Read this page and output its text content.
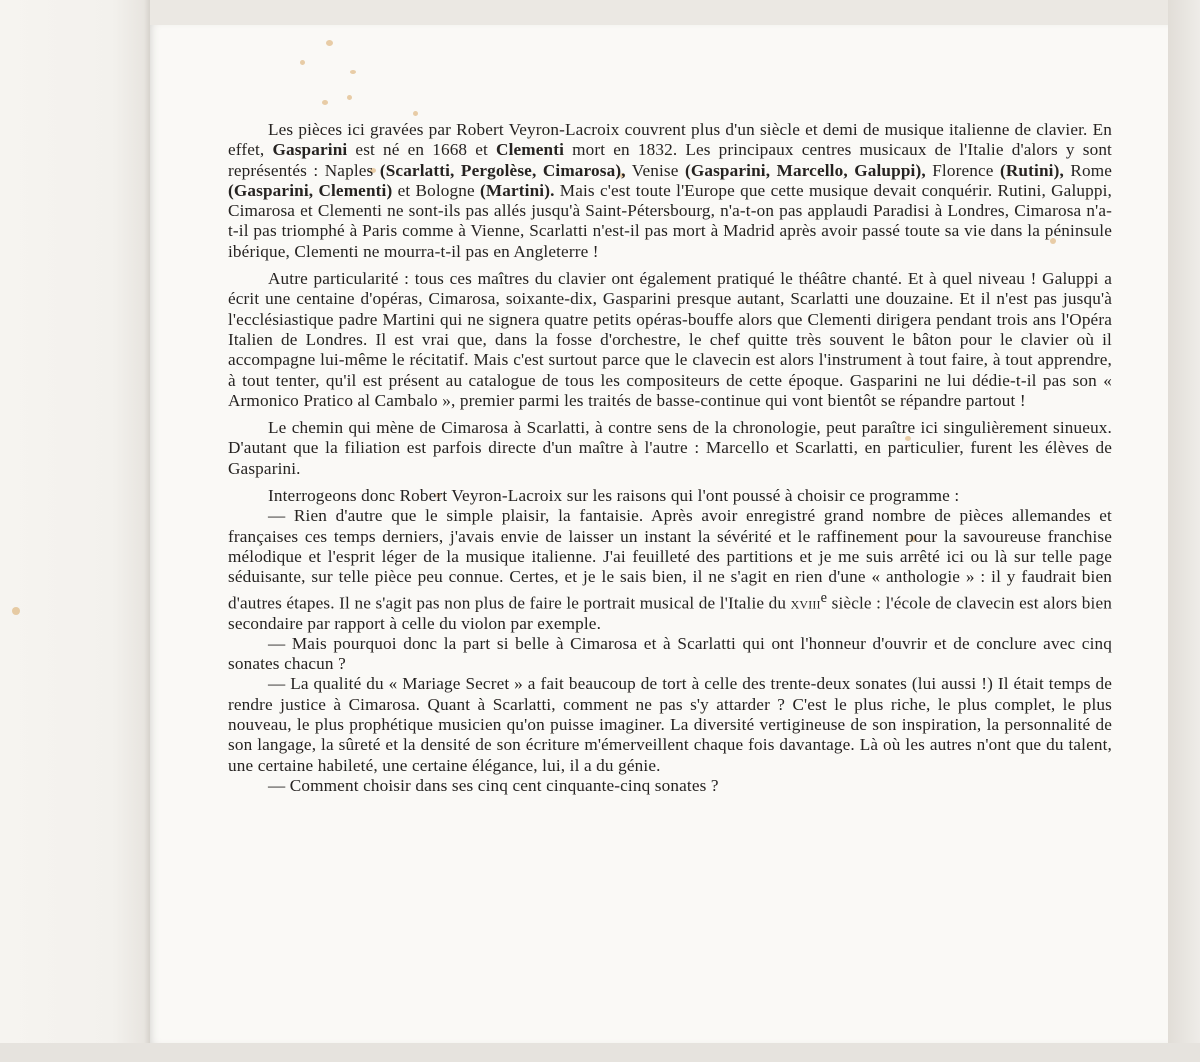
Les pièces ici gravées par Robert Veyron-Lacroix couvrent plus d'un siècle et demi de musique italienne de clavier. En effet, Gasparini est né en 1668 et Clementi mort en 1832. Les principaux centres musicaux de l'Italie d'alors y sont représentés : Naples (Scarlatti, Pergolèse, Cimarosa), Venise (Gasparini, Marcello, Galuppi), Florence (Rutini), Rome (Gasparini, Clementi) et Bologne (Martini). Mais c'est toute l'Europe que cette musique devait conquérir. Rutini, Galuppi, Cimarosa et Clementi ne sont-ils pas allés jusqu'à Saint-Pétersbourg, n'a-t-on pas applaudi Paradisi à Londres, Cimarosa n'a-t-il pas triomphé à Paris comme à Vienne, Scarlatti n'est-il pas mort à Madrid après avoir passé toute sa vie dans la péninsule ibérique, Clementi ne mourra-t-il pas en Angleterre !

Autre particularité : tous ces maîtres du clavier ont également pratiqué le théâtre chanté. Et à quel niveau ! Galuppi a écrit une centaine d'opéras, Cimarosa, soixante-dix, Gasparini presque autant, Scarlatti une douzaine. Et il n'est pas jusqu'à l'ecclésiastique padre Martini qui ne signera quatre petits opéras-bouffe alors que Clementi dirigera pendant trois ans l'Opéra Italien de Londres. Il est vrai que, dans la fosse d'orchestre, le chef quitte très souvent le bâton pour le clavier où il accompagne lui-même le récitatif. Mais c'est surtout parce que le clavecin est alors l'instrument à tout faire, à tout apprendre, à tout tenter, qu'il est présent au catalogue de tous les compositeurs de cette époque. Gasparini ne lui dédie-t-il pas son « Armonico Pratico al Cambalo », premier parmi les traités de basse-continue qui vont bientôt se répandre partout !

Le chemin qui mène de Cimarosa à Scarlatti, à contre sens de la chronologie, peut paraître ici singulièrement sinueux. D'autant que la filiation est parfois directe d'un maître à l'autre : Marcello et Scarlatti, en particulier, furent les élèves de Gasparini.

Interrogeons donc Robert Veyron-Lacroix sur les raisons qui l'ont poussé à choisir ce programme :

— Rien d'autre que le simple plaisir, la fantaisie. Après avoir enregistré grand nombre de pièces allemandes et françaises ces temps derniers, j'avais envie de laisser un instant la sévérité et le raffinement pour la savoureuse franchise mélodique et l'esprit léger de la musique italienne. J'ai feuilleté des partitions et je me suis arrêté ici ou là sur telle page séduisante, sur telle pièce peu connue. Certes, et je le sais bien, il ne s'agit en rien d'une « anthologie » : il y faudrait bien d'autres étapes. Il ne s'agit pas non plus de faire le portrait musical de l'Italie du xviii$^e$ siècle : l'école de clavecin est alors bien secondaire par rapport à celle du violon par exemple.

— Mais pourquoi donc la part si belle à Cimarosa et à Scarlatti qui ont l'honneur d'ouvrir et de conclure avec cinq sonates chacun ?

— La qualité du « Mariage Secret » a fait beaucoup de tort à celle des trente-deux sonates (lui aussi !) Il était temps de rendre justice à Cimarosa. Quant à Scarlatti, comment ne pas s'y attarder ? C'est le plus riche, le plus complet, le plus nouveau, le plus prophétique musicien qu'on puisse imaginer. La diversité vertigineuse de son inspiration, la personnalité de son langage, la sûreté et la densité de son écriture m'émerveillent chaque fois davantage. Là où les autres n'ont que du talent, une certaine habileté, une certaine élégance, lui, il a du génie.

— Comment choisir dans ses cinq cent cinquante-cinq sonates ?
